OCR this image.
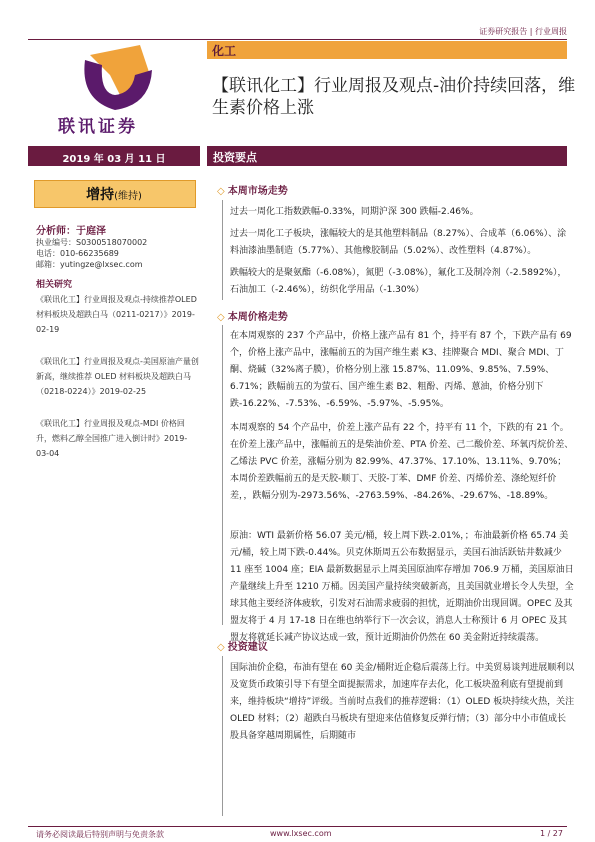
证券研究报告 | 行业周报
联讯证券
化工
【联讯化工】行业周报及观点-油价持续回落，维生素价格上涨
2019 年 03 月 11 日	投资要点
增持(维持)
分析师：于庭泽
执业编号：S0300518070002
电话：010-66235689
邮箱：yutingze@lxsec.com
相关研究
《联讯化工】行业周报及观点-持续推荐OLED 材料板块及超跌白马（0211-0217）》2019-02-19
《联讯化工】行业周报及观点-美国原油产量创新高，继续推荐 OLED 材料板块及超跌白马（0218-0224）》2019-02-25
《联讯化工】行业周报及观点-MDI 价格回升，燃料乙醇全国推广进入倒计时》2019-03-04
◇ 本周市场走势
过去一周化工指数跌幅-0.33%，同期沪深 300 跌幅-2.46%。
过去一周化工子板块，涨幅较大的是其他塑料制品（8.27%）、合成革（6.06%）、涂料油漆油墨制造（5.77%）、其他橡胶制品（5.02%）、改性塑料（4.87%）。
跌幅较大的是聚氨酯（-6.08%），氮肥（-3.08%），氟化工及制冷剂（-2.5892%），石油加工（-2.46%），纺织化学用品（-1.30%）
◇ 本周价格走势
在本周观察的 237 个产品中，价格上涨产品有 81 个，持平有 87 个，下跌产品有 69 个，价格上涨产品中，涨幅前五的为国产维生素 K3、挂牌聚合 MDI、聚合 MDI、丁酮、烧碱（32%离子膜），价格分别上涨 15.87%、11.09%、9.85%、7.59%、6.71%；跌幅前五的为萤石、国产维生素 B2、粗酚、丙烯、蒽油，价格分别下跌-16.22%、-7.53%、-6.59%、-5.97%、-5.95%。
本周观察的 54 个产品中，价差上涨产品有 22 个，持平有 11 个，下跌的有 21 个。在价差上涨产品中，涨幅前五的是柴油价差、PTA 价差、己二酸价差、环氧丙烷价差、乙烯法 PVC 价差，涨幅分别为 82.99%、47.37%、17.10%、13.11%、9.70%；本周价差跌幅前五的是天胶-顺丁、天胶-丁苯、DMF 价差、丙烯价差、涤纶短纤价差，，跌幅分别为-2973.56%、-2763.59%、-84.26%、-29.67%、-18.89%。
原油：WTI 最新价格 56.07 美元/桶，较上周下跌-2.01%，；布油最新价格 65.74 美元/桶，较上周下跌-0.44%。贝克休斯周五公布数据显示，美国石油活跃钻井数减少 11 座至 1004 座；EIA 最新数据显示上周美国原油库存增加 706.9 万桶，美国原油日产量继续上升至 1210 万桶。因美国产量持续突破新高，且美国就业增长令人失望，全球其他主要经济体疲软，引发对石油需求疲弱的担忧，近期油价出现回调。OPEC 及其盟友将于 4 月 17-18 日在维也纳举行下一次会议，消息人士称预计 6 月 OPEC 及其盟友将就延长减产协议达成一致，预计近期油价仍然在 60 美金附近持续震荡。
◇ 投资建议
国际油价企稳，布油有望在 60 美金/桶附近企稳后震荡上行。中美贸易谈判进展顺利以及宽货币政策引导下有望全面提振需求，加速库存去化，化工板块盈利底有望提前到来，维持板块“增持”评级。当前时点我们的推荐逻辑：（1）OLED 板块持续火热，关注 OLED 材料；（2）超跌白马板块有望迎来估值修复反弹行情；（3）部分中小市值成长股具备穿越周期属性，后期随市
请务必阅读最后特别声明与免责条款	www.lxsec.com	1 / 27
